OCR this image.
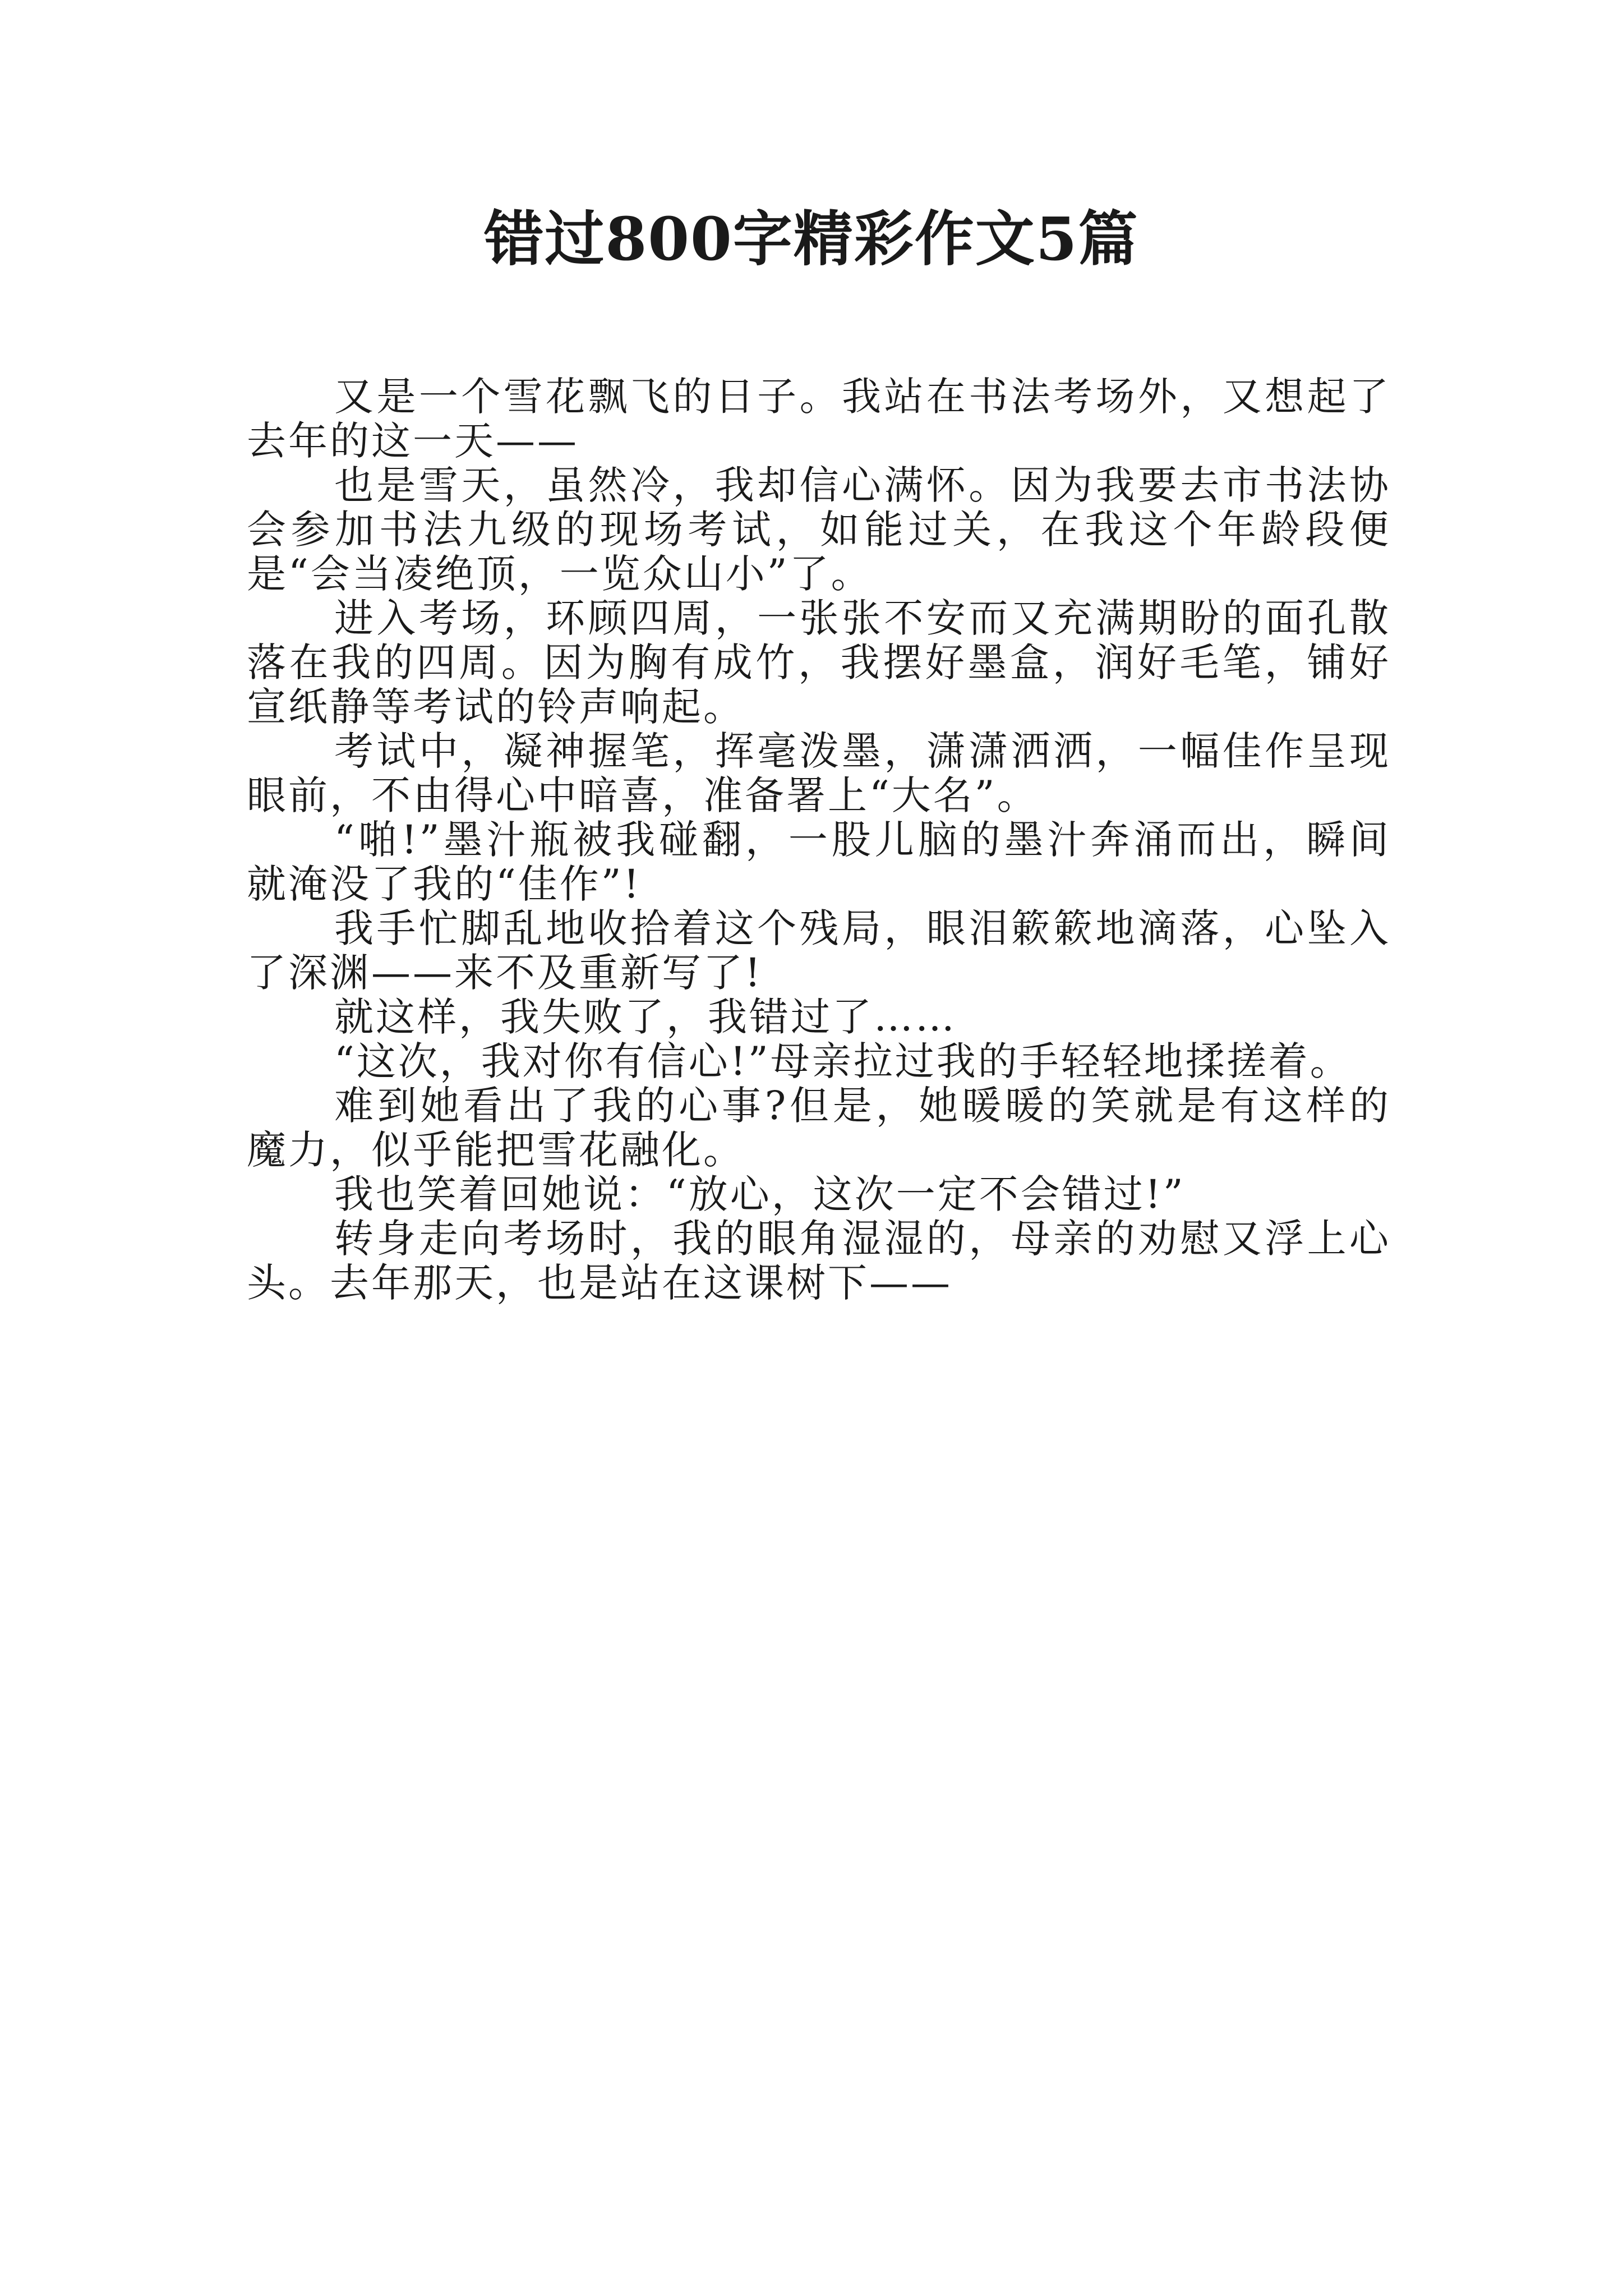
错过800字精彩作文5篇

又是一个雪花飘飞的日子。我站在书法考场外，又想起了去年的这一天——

也是雪天，虽然冷，我却信心满怀。因为我要去市书法协会参加书法九级的现场考试，如能过关，在我这个年龄段便是“会当凌绝顶，一览众山小”了。

进入考场，环顾四周，一张张不安而又充满期盼的面孔散落在我的四周。因为胸有成竹，我摆好墨盒，润好毛笔，铺好宣纸静等考试的铃声响起。

考试中，凝神握笔，挥毫泼墨，潇潇洒洒，一幅佳作呈现眼前，不由得心中暗喜，准备署上“大名”。

“啪!”墨汁瓶被我碰翻，一股儿脑的墨汁奔涌而出，瞬间就淹没了我的“佳作”!

我手忙脚乱地收拾着这个残局，眼泪簌簌地滴落，心坠入了深渊——来不及重新写了!

就这样，我失败了，我错过了……

“这次，我对你有信心!”母亲拉过我的手轻轻地揉搓着。

难到她看出了我的心事?但是，她暖暖的笑就是有这样的魔力，似乎能把雪花融化。

我也笑着回她说：“放心，这次一定不会错过!”

转身走向考场时，我的眼角湿湿的，母亲的劝慰又浮上心头。去年那天，也是站在这课树下——
